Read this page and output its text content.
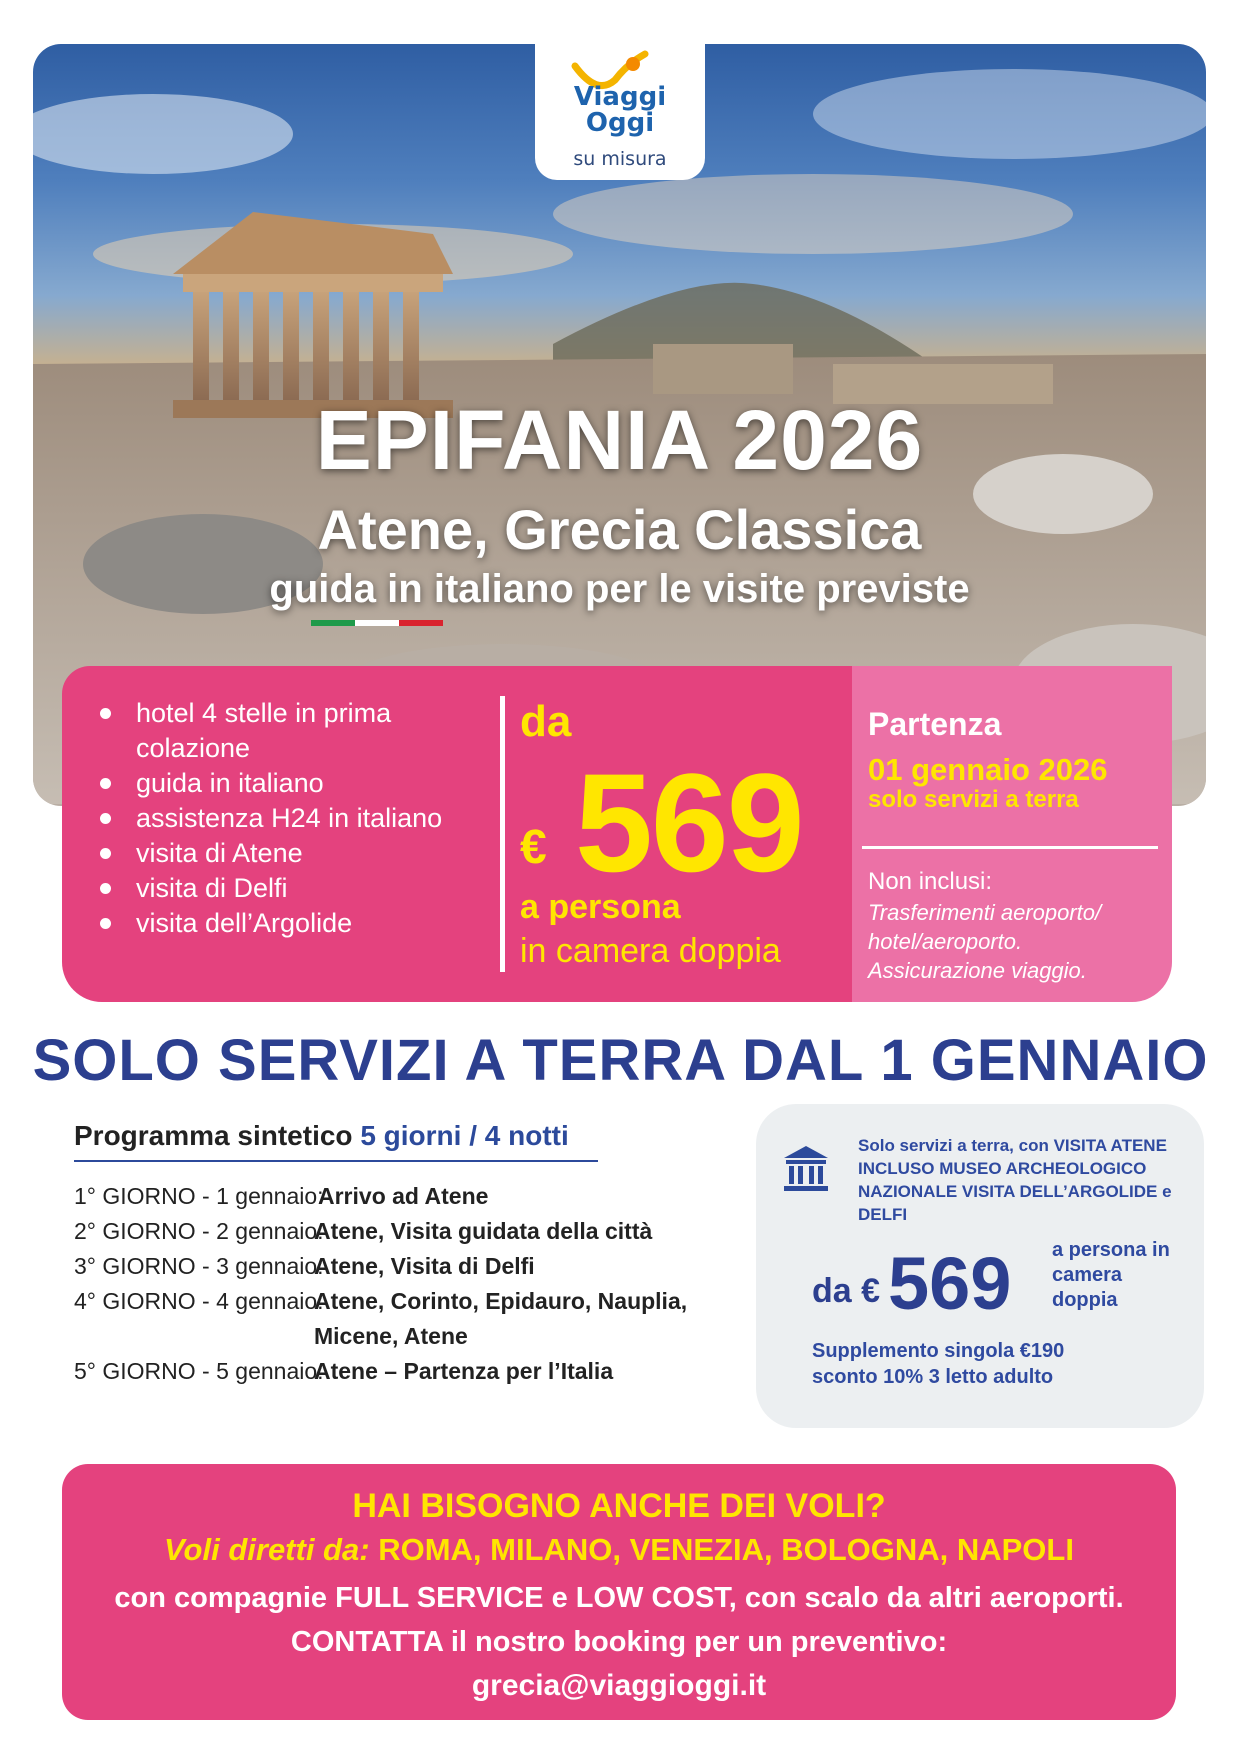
Viaggi
Oggi
su misura
EPIFANIA 2026
Atene, Grecia Classica
guida in italiano per le visite previste
hotel 4 stelle in prima colazione
guida in italiano
assistenza H24 in italiano
visita di Atene
visita di Delfi
visita dell’Argolide
da
€ 569
a persona
in camera doppia
Partenza
01 gennaio 2026
solo servizi a terra
Non inclusi:
Trasferimenti aeroporto/ hotel/aeroporto. Assicurazione viaggio.
SOLO SERVIZI A TERRA DAL 1 GENNAIO
Programma sintetico 5 giorni / 4 notti
1° GIORNO - 1 gennaio:
Arrivo ad Atene
2° GIORNO - 2 gennaio:
Atene, Visita guidata della città
3° GIORNO - 3 gennaio:
Atene, Visita di Delfi
4° GIORNO - 4 gennaio:
Atene, Corinto, Epidauro, Nauplia,
Micene, Atene
5° GIORNO - 5 gennaio:
Atene – Partenza per l’Italia
Solo servizi a terra, con VISITA ATENE INCLUSO MUSEO ARCHEOLOGICO NAZIONALE VISITA DELL’ARGOLIDE e DELFI
da € 569 a persona in camera doppia
Supplemento singola €190
sconto 10% 3 letto adulto
HAI BISOGNO ANCHE DEI VOLI?
Voli diretti da: ROMA, MILANO, VENEZIA, BOLOGNA, NAPOLI
con compagnie FULL SERVICE e LOW COST, con scalo da altri aeroporti.
CONTATTA il nostro booking per un preventivo:
grecia@viaggioggi.it
